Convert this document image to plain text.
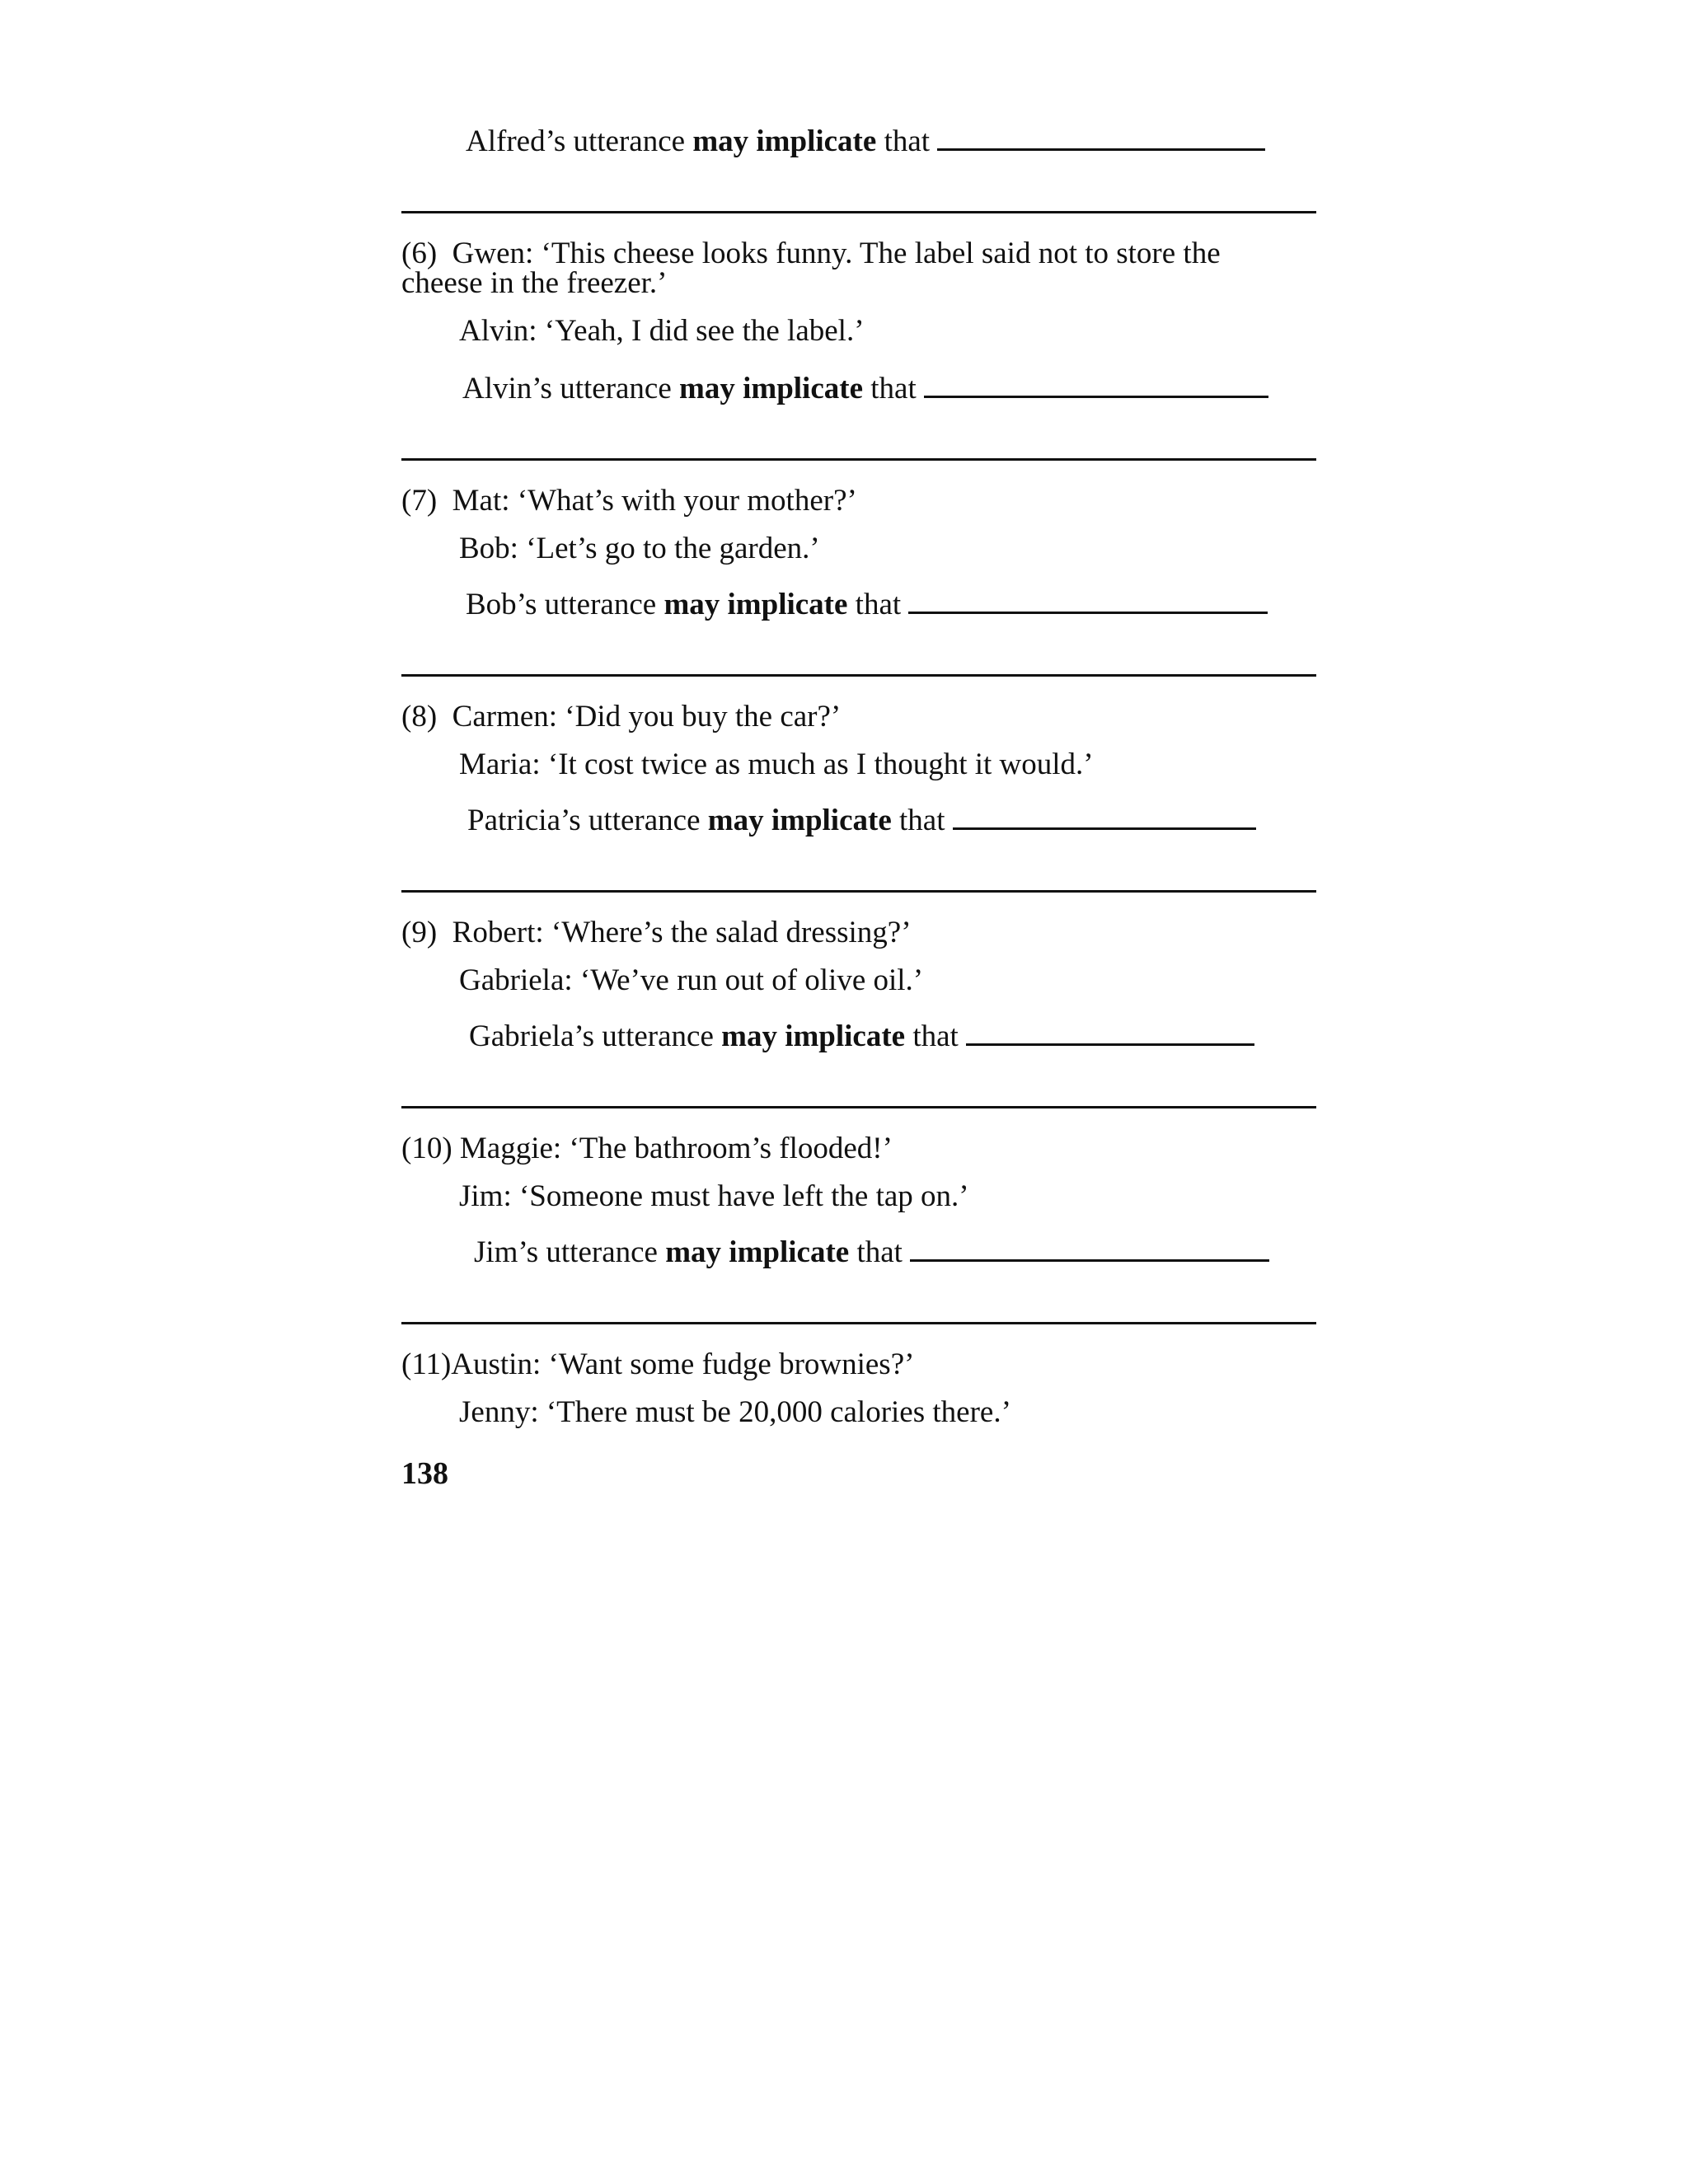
Alfred’s utterance may implicate that
(6) Gwen: ‘This cheese looks funny. The label said not to store the
cheese in the freezer.’
Alvin: ‘Yeah, I did see the label.’
Alvin’s utterance may implicate that
(7) Mat: ‘What’s with your mother?’
Bob: ‘Let’s go to the garden.’
Bob’s utterance may implicate that
(8) Carmen: ‘Did you buy the car?’
Maria: ‘It cost twice as much as I thought it would.’
Patricia’s utterance may implicate that
(9) Robert: ‘Where’s the salad dressing?’
Gabriela: ‘We’ve run out of olive oil.’
Gabriela’s utterance may implicate that
(10) Maggie: ‘The bathroom’s flooded!’
Jim: ‘Someone must have left the tap on.’
Jim’s utterance may implicate that
(11)Austin: ‘Want some fudge brownies?’
Jenny: ‘There must be 20,000 calories there.’
138
